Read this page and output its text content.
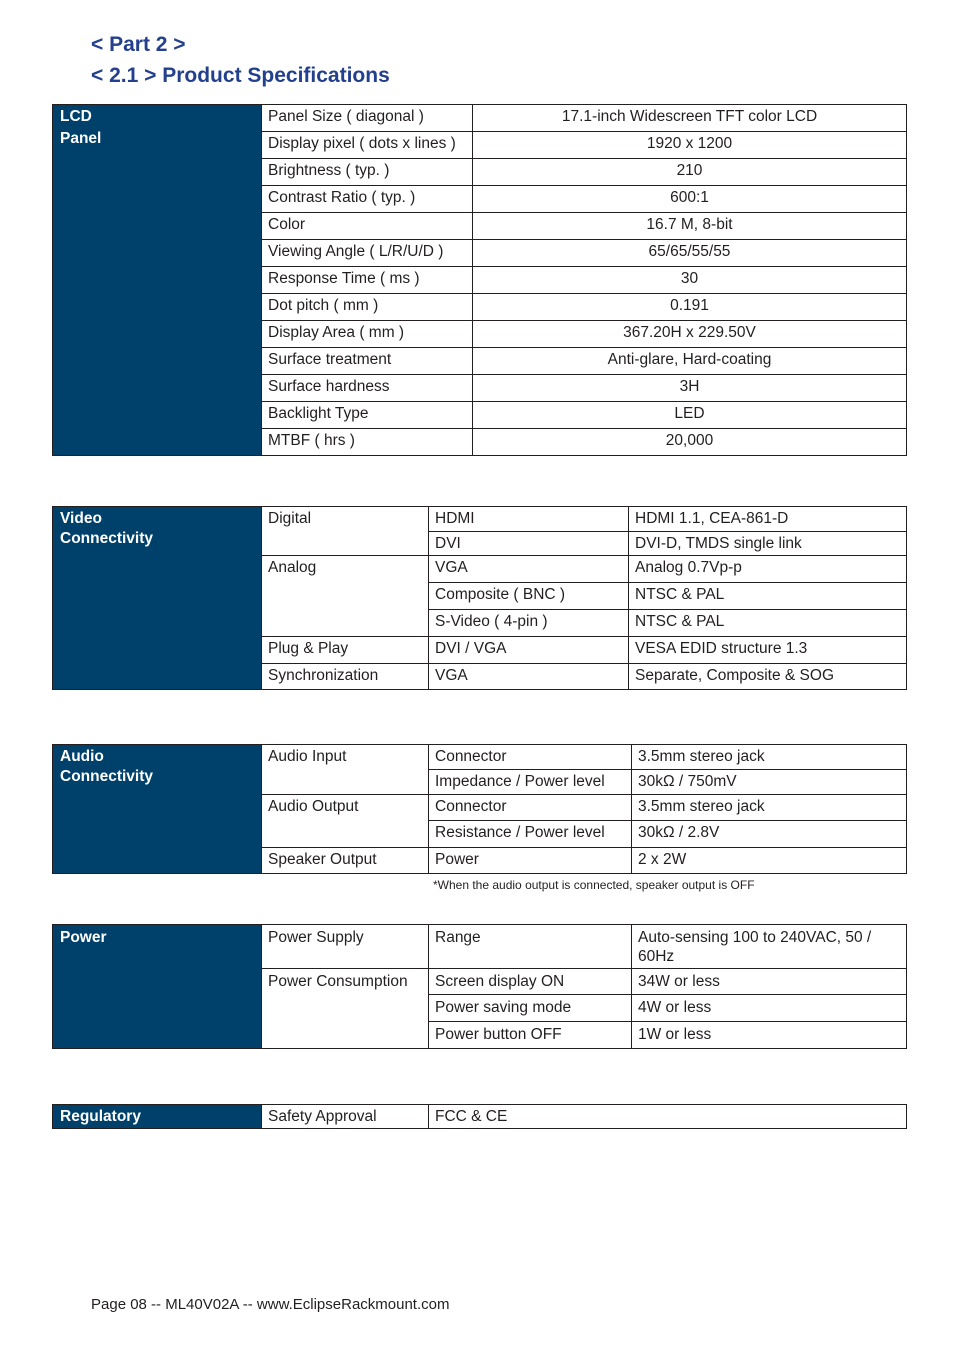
< Part 2 >
< 2.1 > Product Specifications
LCD Panel	Panel Size ( diagonal )	17.1-inch Widescreen TFT color LCD
	Display pixel ( dots x lines )	1920 x 1200
	Brightness ( typ. )	210
	Contrast Ratio ( typ. )	600:1
	Color	16.7 M, 8-bit
	Viewing Angle ( L/R/U/D )	65/65/55/55
	Response Time ( ms )	30
	Dot pitch ( mm )	0.191
	Display Area ( mm )	367.20H x 229.50V
	Surface treatment	Anti-glare, Hard-coating
	Surface hardness	3H
	Backlight Type	LED
	MTBF ( hrs )	20,000
Video Connectivity	Digital	HDMI	HDMI 1.1, CEA-861-D
		DVI	DVI-D, TMDS single link
	Analog	VGA	Analog 0.7Vp-p
		Composite ( BNC )	NTSC & PAL
		S-Video ( 4-pin )	NTSC & PAL
	Plug & Play	DVI / VGA	VESA EDID structure 1.3
	Synchronization	VGA	Separate, Composite & SOG
Audio Connectivity	Audio Input	Connector	3.5mm stereo jack
		Impedance / Power level	30kΩ / 750mV
	Audio Output	Connector	3.5mm stereo jack
		Resistance / Power level	30kΩ / 2.8V
	Speaker Output	Power	2 x 2W
*When the audio output is connected, speaker output is OFF
Power	Power Supply	Range	Auto-sensing 100 to 240VAC, 50 / 60Hz
	Power Consumption	Screen display ON	34W or less
		Power saving mode	4W or less
		Power button OFF	1W or less
Regulatory	Safety Approval	FCC & CE
Page 08 -- ML40V02A -- www.EclipseRackmount.com
